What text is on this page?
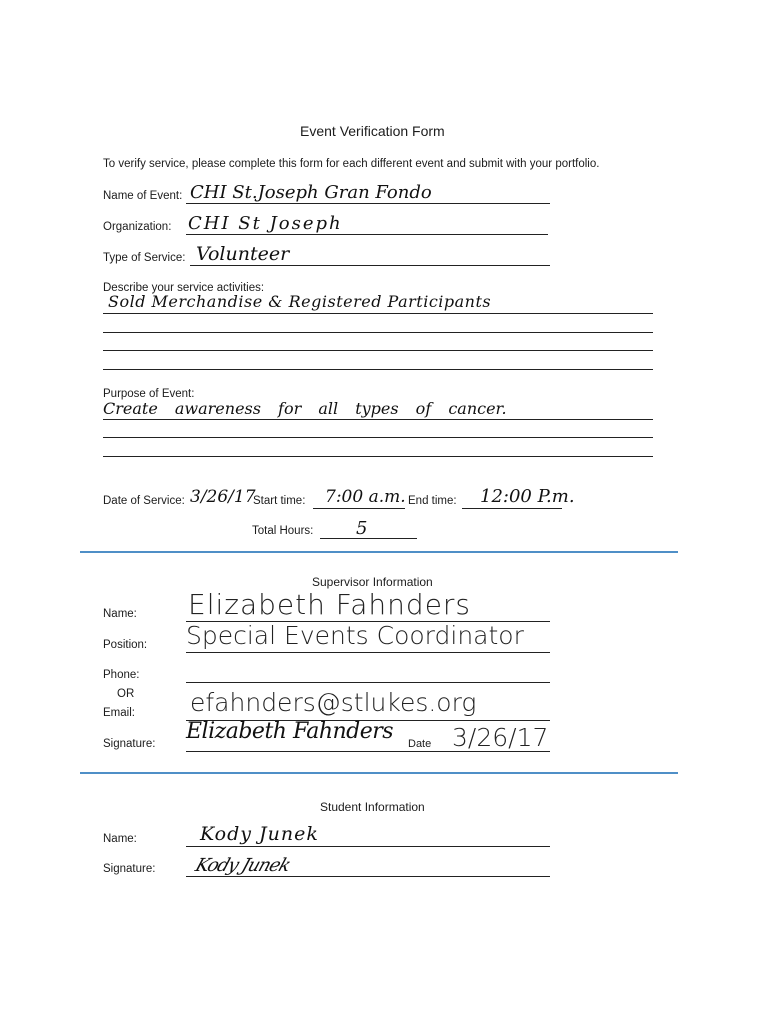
Event Verification Form
To verify service, please complete this form for each different event and submit with your portfolio.
Name of Event: CHI St.Joseph Gran Fondo
Organization: CHI St Joseph
Type of Service: Volunteer
Describe your service activities:
Sold Merchandise & Registered Participants
Purpose of Event:
Create awareness for all types of cancer.
Date of Service: 3/26/17
Start time: 7:00 a.m. End time: 12:00 P.m.
Total Hours: 5
Supervisor Information
Name: Elizabeth Fahnders
Position: Special Events Coordinator
Phone:
OR
Email: efahnders@stlukes.org
Signature: Elizabeth Fahnders Date 3/26/17
Student Information
Name:	Kody Junek
Signature: Kody Junek
